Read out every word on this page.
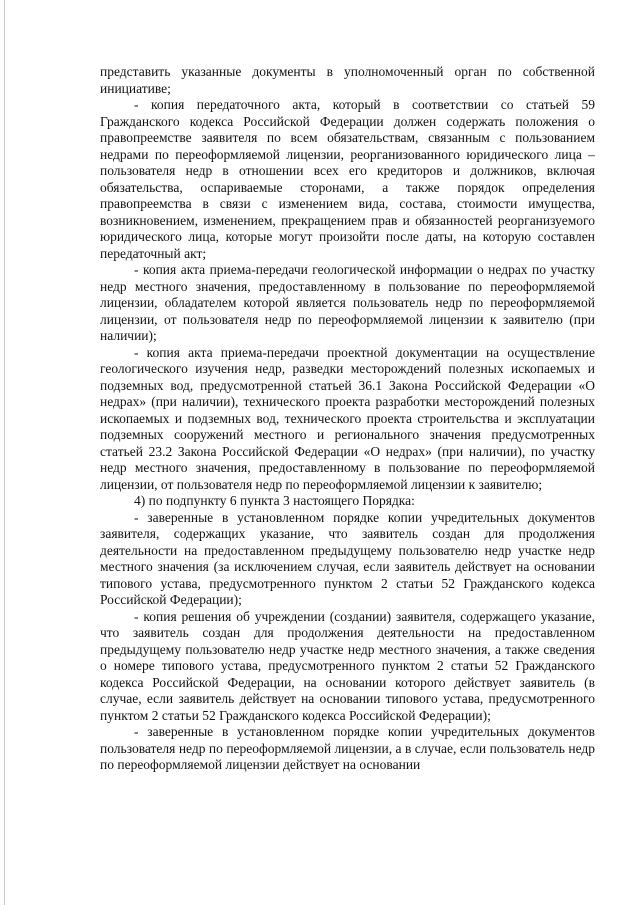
представить указанные документы в уполномоченный орган по собственной инициативе;

- копия передаточного акта, который в соответствии со статьей 59 Гражданского кодекса Российской Федерации должен содержать положения о правопреемстве заявителя по всем обязательствам, связанным с пользованием недрами по переоформляемой лицензии, реорганизованного юридического лица – пользователя недр в отношении всех его кредиторов и должников, включая обязательства, оспариваемые сторонами, а также порядок определения правопреемства в связи с изменением вида, состава, стоимости имущества, возникновением, изменением, прекращением прав и обязанностей реорганизуемого юридического лица, которые могут произойти после даты, на которую составлен передаточный акт;

- копия акта приема-передачи геологической информации о недрах по участку недр местного значения, предоставленному в пользование по переоформляемой лицензии, обладателем которой является пользователь недр по переоформляемой лицензии, от пользователя недр по переоформляемой лицензии к заявителю (при наличии);

- копия акта приема-передачи проектной документации на осуществление геологического изучения недр, разведки месторождений полезных ископаемых и подземных вод, предусмотренной статьей 36.1 Закона Российской Федерации «О недрах» (при наличии), технического проекта разработки месторождений полезных ископаемых и подземных вод, технического проекта строительства и эксплуатации подземных сооружений местного и регионального значения предусмотренных статьей 23.2 Закона Российской Федерации «О недрах» (при наличии), по участку недр местного значения, предоставленному в пользование по переоформляемой лицензии, от пользователя недр по переоформляемой лицензии к заявителю;

4) по подпункту 6 пункта 3 настоящего Порядка:

- заверенные в установленном порядке копии учредительных документов заявителя, содержащих указание, что заявитель создан для продолжения деятельности на предоставленном предыдущему пользователю недр участке недр местного значения (за исключением случая, если заявитель действует на основании типового устава, предусмотренного пунктом 2 статьи 52 Гражданского кодекса Российской Федерации);

- копия решения об учреждении (создании) заявителя, содержащего указание, что заявитель создан для продолжения деятельности на предоставленном предыдущему пользователю недр участке недр местного значения, а также сведения о номере типового устава, предусмотренного пунктом 2 статьи 52 Гражданского кодекса Российской Федерации, на основании которого действует заявитель (в случае, если заявитель действует на основании типового устава, предусмотренного пунктом 2 статьи 52 Гражданского кодекса Российской Федерации);

- заверенные в установленном порядке копии учредительных документов пользователя недр по переоформляемой лицензии, а в случае, если пользователь недр по переоформляемой лицензии действует на основании
